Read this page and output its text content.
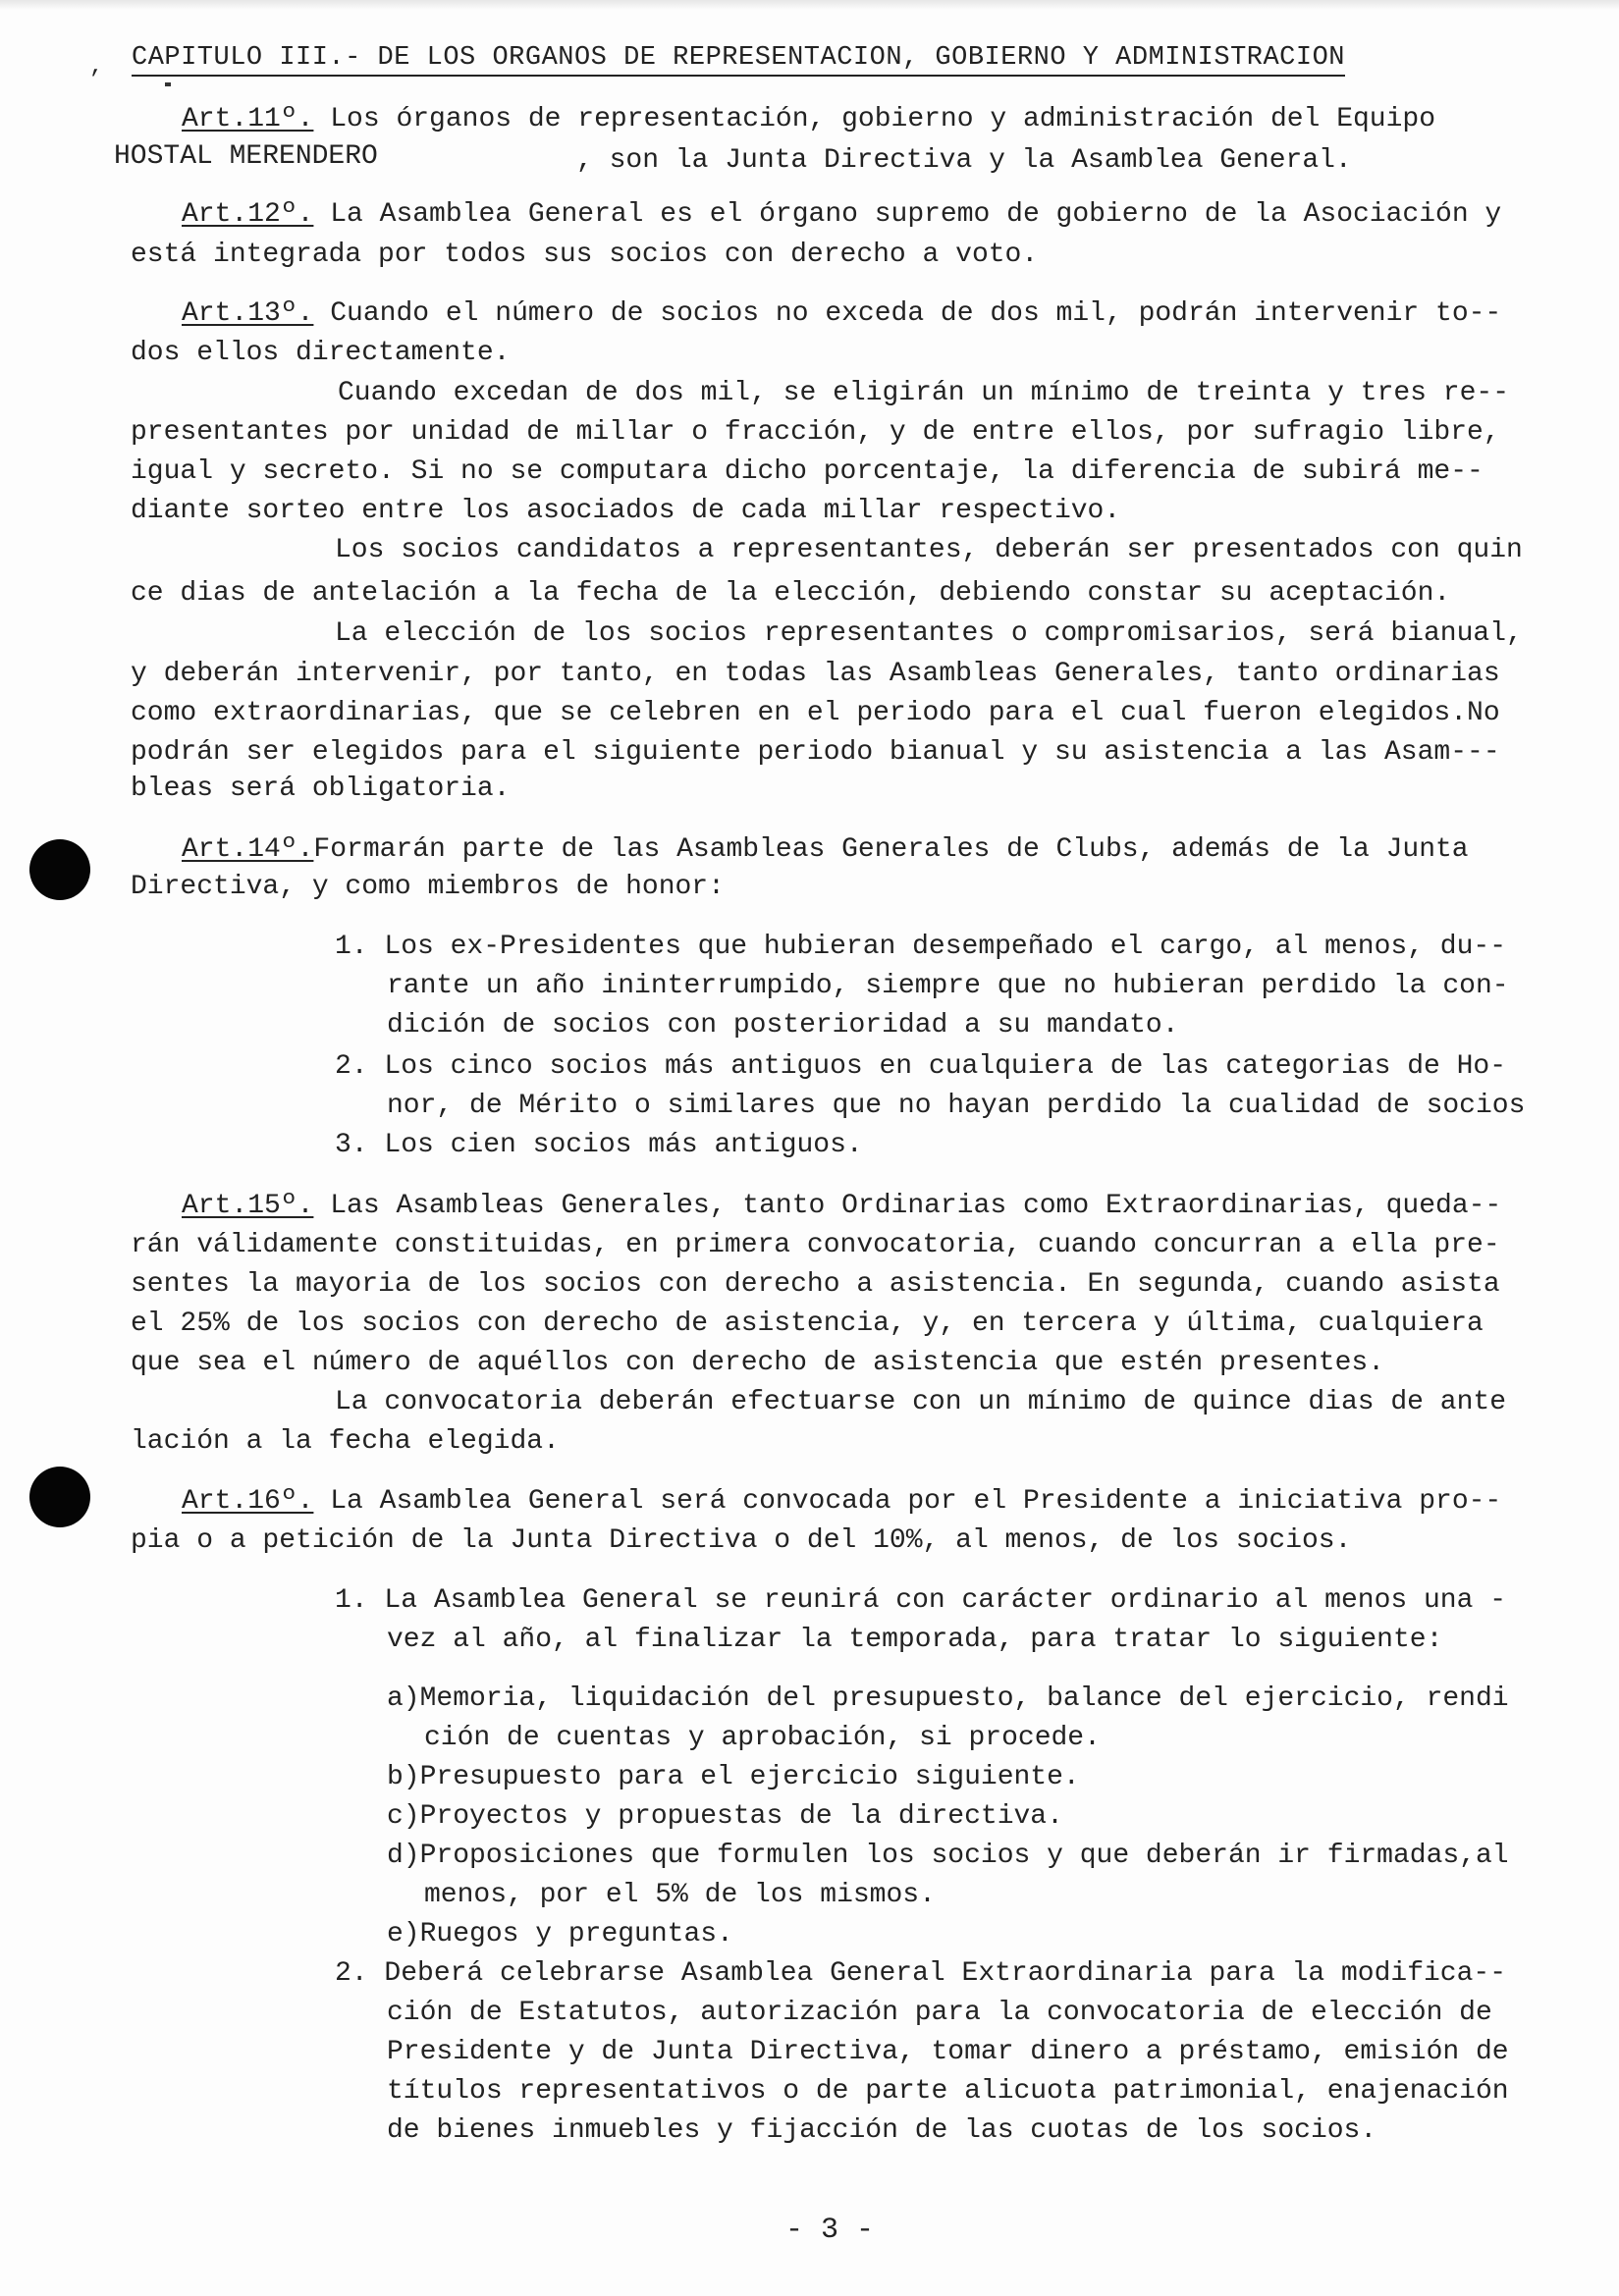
‚ CAPITULO III.- DE LOS ORGANOS DE REPRESENTACION, GOBIERNO Y ADMINISTRACION
Art.11º. Los órganos de representación, gobierno y administración del Equipo
HOSTAL MERENDERO	, son la Junta Directiva y la Asamblea General.
Art.12º. La Asamblea General es el órgano supremo de gobierno de la Asociación y
está integrada por todos sus socios con derecho a voto.
Art.13º. Cuando el número de socios no exceda de dos mil, podrán intervenir to--
dos ellos directamente.
Cuando excedan de dos mil, se eligirán un mínimo de treinta y tres re--
presentantes por unidad de millar o fracción, y de entre ellos, por sufragio libre,
igual y secreto. Si no se computara dicho porcentaje, la diferencia de subirá me--
diante sorteo entre los asociados de cada millar respectivo.
Los socios candidatos a representantes, deberán ser presentados con quin
ce dias de antelación a la fecha de la elección, debiendo constar su aceptación.
La elección de los socios representantes o compromisarios, será bianual,
y deberán intervenir, por tanto, en todas las Asambleas Generales, tanto ordinarias
como extraordinarias, que se celebren en el periodo para el cual fueron elegidos.No
podrán ser elegidos para el siguiente periodo bianual y su asistencia a las Asam---
bleas será obligatoria.
Art.14º.Formarán parte de las Asambleas Generales de Clubs, además de la Junta
Directiva, y como miembros de honor:
1. Los ex-Presidentes que hubieran desempeñado el cargo, al menos, du--
rante un año ininterrumpido, siempre que no hubieran perdido la con-
dición de socios con posterioridad a su mandato.
2. Los cinco socios más antiguos en cualquiera de las categorias de Ho-
nor, de Mérito o similares que no hayan perdido la cualidad de socios
3. Los cien socios más antiguos.
Art.15º. Las Asambleas Generales, tanto Ordinarias como Extraordinarias, queda--
rán válidamente constituidas, en primera convocatoria, cuando concurran a ella pre-
sentes la mayoria de los socios con derecho a asistencia. En segunda, cuando asista
el 25% de los socios con derecho de asistencia, y, en tercera y última, cualquiera
que sea el número de aquéllos con derecho de asistencia que estén presentes.
La convocatoria deberán efectuarse con un mínimo de quince dias de ante
lación a la fecha elegida.
Art.16º. La Asamblea General será convocada por el Presidente a iniciativa pro--
pia o a petición de la Junta Directiva o del 10%, al menos, de los socios.
1. La Asamblea General se reunirá con carácter ordinario al menos una -
vez al año, al finalizar la temporada, para tratar lo siguiente:
a)Memoria, liquidación del presupuesto, balance del ejercicio, rendi
ción de cuentas y aprobación, si procede.
b)Presupuesto para el ejercicio siguiente.
c)Proyectos y propuestas de la directiva.
d)Proposiciones que formulen los socios y que deberán ir firmadas,al
menos, por el 5% de los mismos.
e)Ruegos y preguntas.
2. Deberá celebrarse Asamblea General Extraordinaria para la modifica--
ción de Estatutos, autorización para la convocatoria de elección de
Presidente y de Junta Directiva, tomar dinero a préstamo, emisión de
títulos representativos o de parte alicuota patrimonial, enajenación
de bienes inmuebles y fijacción de las cuotas de los socios.
- 3 -
